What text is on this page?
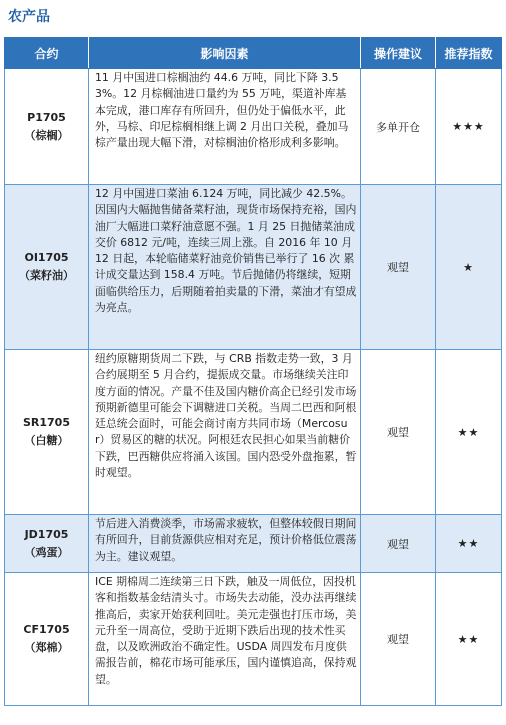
农产品
合约	影响因素	操作建议	推荐指数

P1705
（棕榈）	11 月中国进口棕榈油约 44.6 万吨，同比下降 3.53%。12 月棕榈油进口量约为 55 万吨，渠道补库基本完成，港口库存有所回升，但仍处于偏低水平，此外，马棕、印尼棕榈相继上调 2 月出口关税，叠加马棕产量出现大幅下滑，对棕榈油价格形成利多影响。	多单开仓	★★★

OI1705
（菜籽油）	12 月中国进口菜油 6.124 万吨，同比减少 42.5%。因国内大幅抛售储备菜籽油，现货市场保持充裕，国内油厂大幅进口菜籽油意愿不强。1 月 25 日抛储菜油成交价 6812 元/吨，连续三周上涨。自 2016 年 10 月 12 日起，本轮临储菜籽油竞价销售已举行了 16 次 累计成交量达到 158.4 万吨。节后抛储仍将继续，短期面临供给压力，后期随着拍卖量的下滑，菜油才有望成为亮点。	观望	★

SR1705
（白糖）	纽约原糖期货周二下跌，与 CRB 指数走势一致，3 月合约展期至 5 月合约，提振成交量。市场继续关注印度方面的情况。产量不佳及国内糖价高企已经引发市场预期新德里可能会下调糖进口关税。当周二巴西和阿根廷总统会面时，可能会商讨南方共同市场（Mercosur）贸易区的糖的状况。阿根廷农民担心如果当前糖价下跌，巴西糖供应将涌入该国。国内恐受外盘拖累，暂时观望。	观望	★★

JD1705
（鸡蛋）	节后进入消费淡季，市场需求疲软，但整体较假日期间有所回升，目前货源供应相对充足，预计价格低位震荡为主。建议观望。	观望	★★

CF1705
（郑棉）	ICE 期棉周二连续第三日下跌，触及一周低位，因投机客和指数基金结清头寸。市场失去动能，没办法再继续推高后，卖家开始获利回吐。美元走强也打压市场，美元升至一周高位，受助于近期下跌后出现的技术性买盘，以及欧洲政治不确定性。USDA 周四发布月度供需报告前，棉花市场可能承压，国内谨慎追高，保持观望。	观望	★★
